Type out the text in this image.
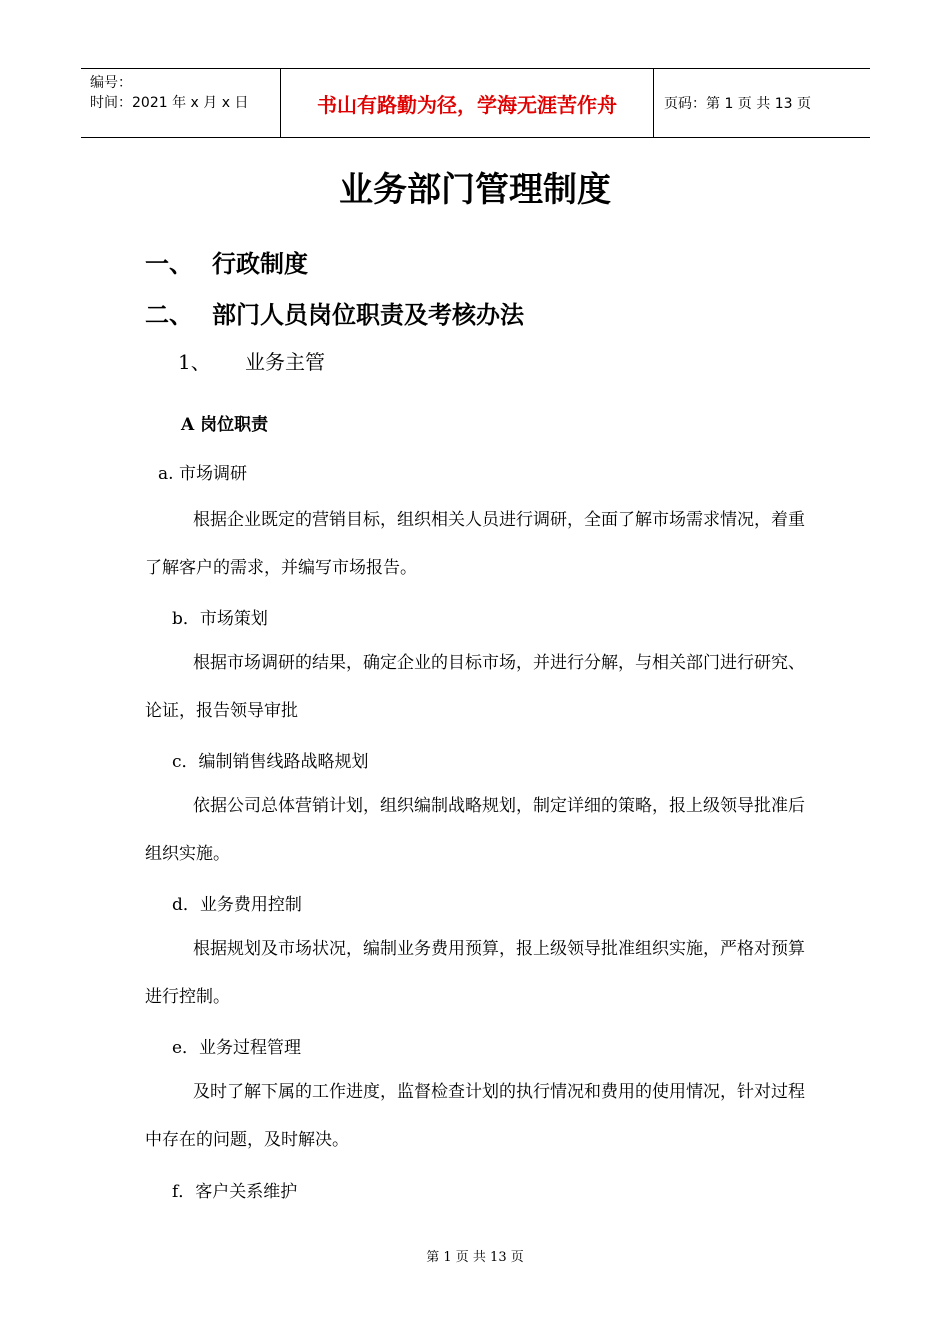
编号：
时间：2021 年 x 月 x 日	书山有路勤为径，学海无涯苦作舟	页码：第 1 页 共 13 页
业务部门管理制度
一、 行政制度
二、 部门人员岗位职责及考核办法
1、 业务主管
A 岗位职责
a. 市场调研
根据企业既定的营销目标，组织相关人员进行调研，全面了解市场需求情况，着重了解客户的需求，并编写市场报告。
b．市场策划
根据市场调研的结果，确定企业的目标市场，并进行分解，与相关部门进行研究、论证，报告领导审批
c．编制销售线路战略规划
依据公司总体营销计划，组织编制战略规划，制定详细的策略，报上级领导批准后组织实施。
d．业务费用控制
根据规划及市场状况，编制业务费用预算，报上级领导批准组织实施，严格对预算进行控制。
e．业务过程管理
及时了解下属的工作进度，监督检查计划的执行情况和费用的使用情况，针对过程中存在的问题，及时解决。
f．客户关系维护
第 1 页 共 13 页
